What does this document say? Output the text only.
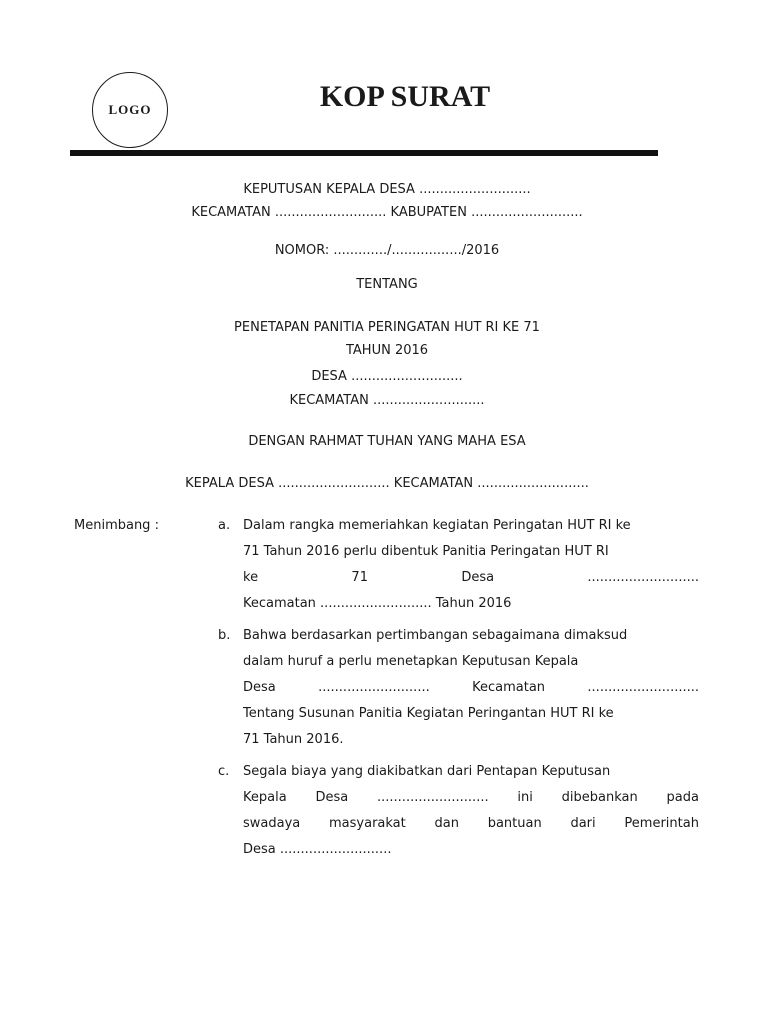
LOGO	KOP SURAT
KEPUTUSAN KEPALA DESA ...........................
KECAMATAN ........................... KABUPATEN ...........................
NOMOR: ............./................./2016
TENTANG
PENETAPAN PANITIA PERINGATAN HUT RI KE 71
TAHUN 2016
DESA ...........................
KECAMATAN ...........................
DENGAN RAHMAT TUHAN YANG MAHA ESA
KEPALA DESA ........................... KECAMATAN ...........................
Menimbang :	a. Dalam rangka memeriahkan kegiatan Peringatan HUT RI ke
71 Tahun 2016 perlu dibentuk Panitia Peringatan HUT RI
ke	71	Desa	...........................
Kecamatan ........................... Tahun 2016
b. Bahwa berdasarkan pertimbangan sebagaimana dimaksud
dalam huruf a perlu menetapkan Keputusan Kepala
Desa	...........................	Kecamatan	...........................
Tentang Susunan Panitia Kegiatan Peringantan HUT RI ke
71 Tahun 2016.
c. Segala biaya yang diakibatkan dari Pentapan Keputusan
Kepala Desa ........................... ini dibebankan pada
swadaya masyarakat dan bantuan dari Pemerintah
Desa ...........................
